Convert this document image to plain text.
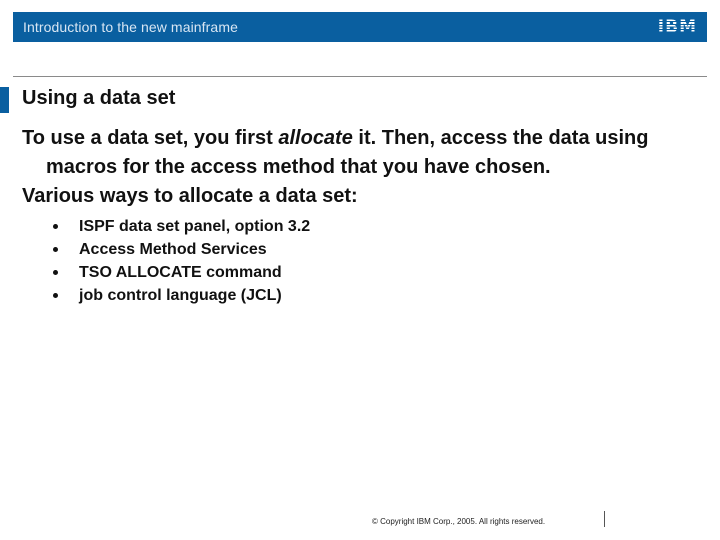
Introduction to the new mainframe	IBM
Using a data set

To use a data set, you first allocate it. Then, access the data using macros for the access method that you have chosen.

Various ways to allocate a data set:

ISPF data set panel, option 3.2
Access Method Services
TSO ALLOCATE command
job control language (JCL)
© Copyright IBM Corp., 2005. All rights reserved.
